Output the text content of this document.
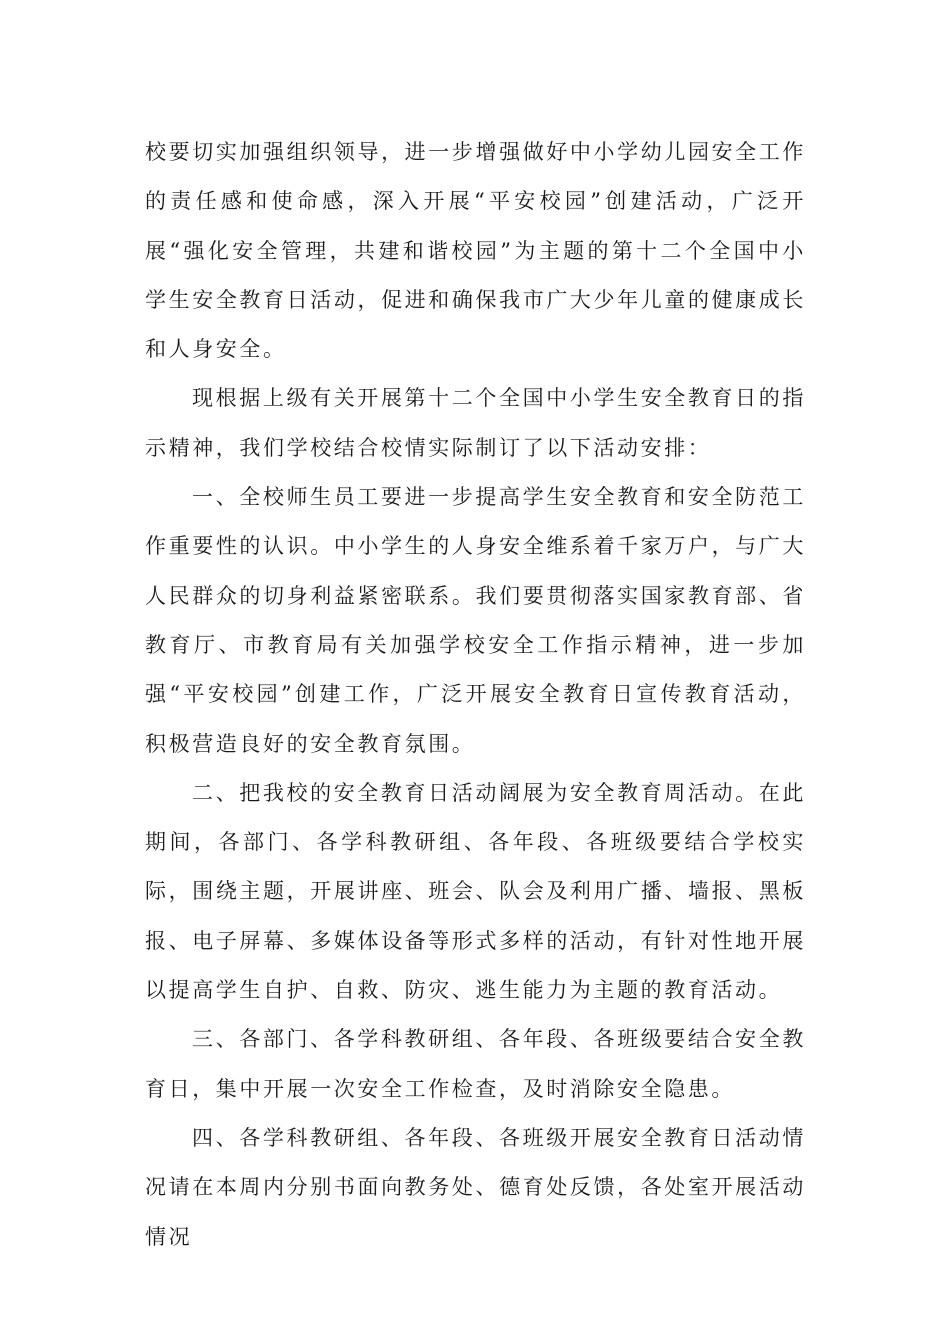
校要切实加强组织领导，进一步增强做好中小学幼儿园安全工作的责任感和使命感，深入开展“平安校园”创建活动，广泛开展“强化安全管理，共建和谐校园”为主题的第十二个全国中小学生安全教育日活动，促进和确保我市广大少年儿童的健康成长和人身安全。

现根据上级有关开展第十二个全国中小学生安全教育日的指示精神，我们学校结合校情实际制订了以下活动安排：

一、全校师生员工要进一步提高学生安全教育和安全防范工作重要性的认识。中小学生的人身安全维系着千家万户，与广大人民群众的切身利益紧密联系。我们要贯彻落实国家教育部、省教育厅、市教育局有关加强学校安全工作指示精神，进一步加强“平安校园”创建工作，广泛开展安全教育日宣传教育活动，积极营造良好的安全教育氛围。

二、把我校的安全教育日活动阔展为安全教育周活动。在此期间，各部门、各学科教研组、各年段、各班级要结合学校实际，围绕主题，开展讲座、班会、队会及利用广播、墙报、黑板报、电子屏幕、多媒体设备等形式多样的活动，有针对性地开展以提高学生自护、自救、防灾、逃生能力为主题的教育活动。

三、各部门、各学科教研组、各年段、各班级要结合安全教育日，集中开展一次安全工作检查，及时消除安全隐患。

四、各学科教研组、各年段、各班级开展安全教育日活动情况请在本周内分别书面向教务处、德育处反馈，各处室开展活动情况
